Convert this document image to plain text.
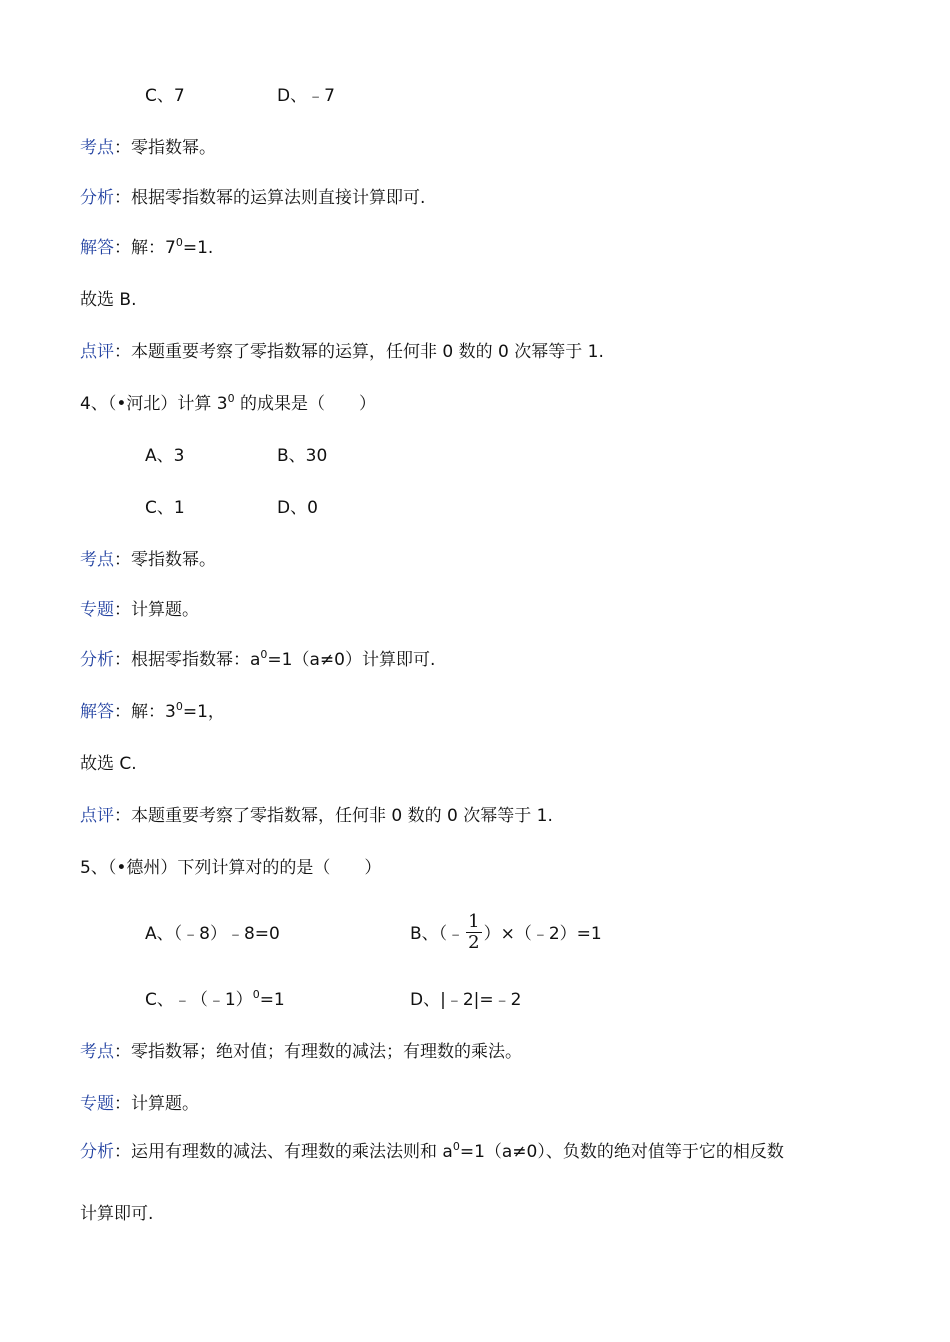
C、7	D、﹣7
考点：零指数幂。
分析：根据零指数幂的运算法则直接计算即可.
解答：解：$7^0=1$.
故选 B.
点评：本题重要考察了零指数幂的运算，任何非 0 数的 0 次幂等于 1.
4、（•河北）计算 $3^0$ 的成果是（　　）
A、3	B、30
C、1	D、0
考点：零指数幂。
专题：计算题。
分析：根据零指数幂：$a^0=1(a\ne 0)$计算即可.
解答：解：$3^0=1$，
故选 C.
点评：本题重要考察了零指数幂，任何非 0 数的 0 次幂等于 1.
5、（•德州）下列计算对的的是（　　）
A、（﹣8）﹣8=0	B、（﹣ $\frac{1}{2}$ ）×（﹣2）=1
C、﹣（﹣1）$^0$=1	D、|﹣2|=﹣2
考点：零指数幂；绝对值；有理数的减法；有理数的乘法。
专题：计算题。
分析：运用有理数的减法、有理数的乘法法则和 $a^0=1(a\ne 0)$、负数的绝对值等于它的相反数
计算即可.
